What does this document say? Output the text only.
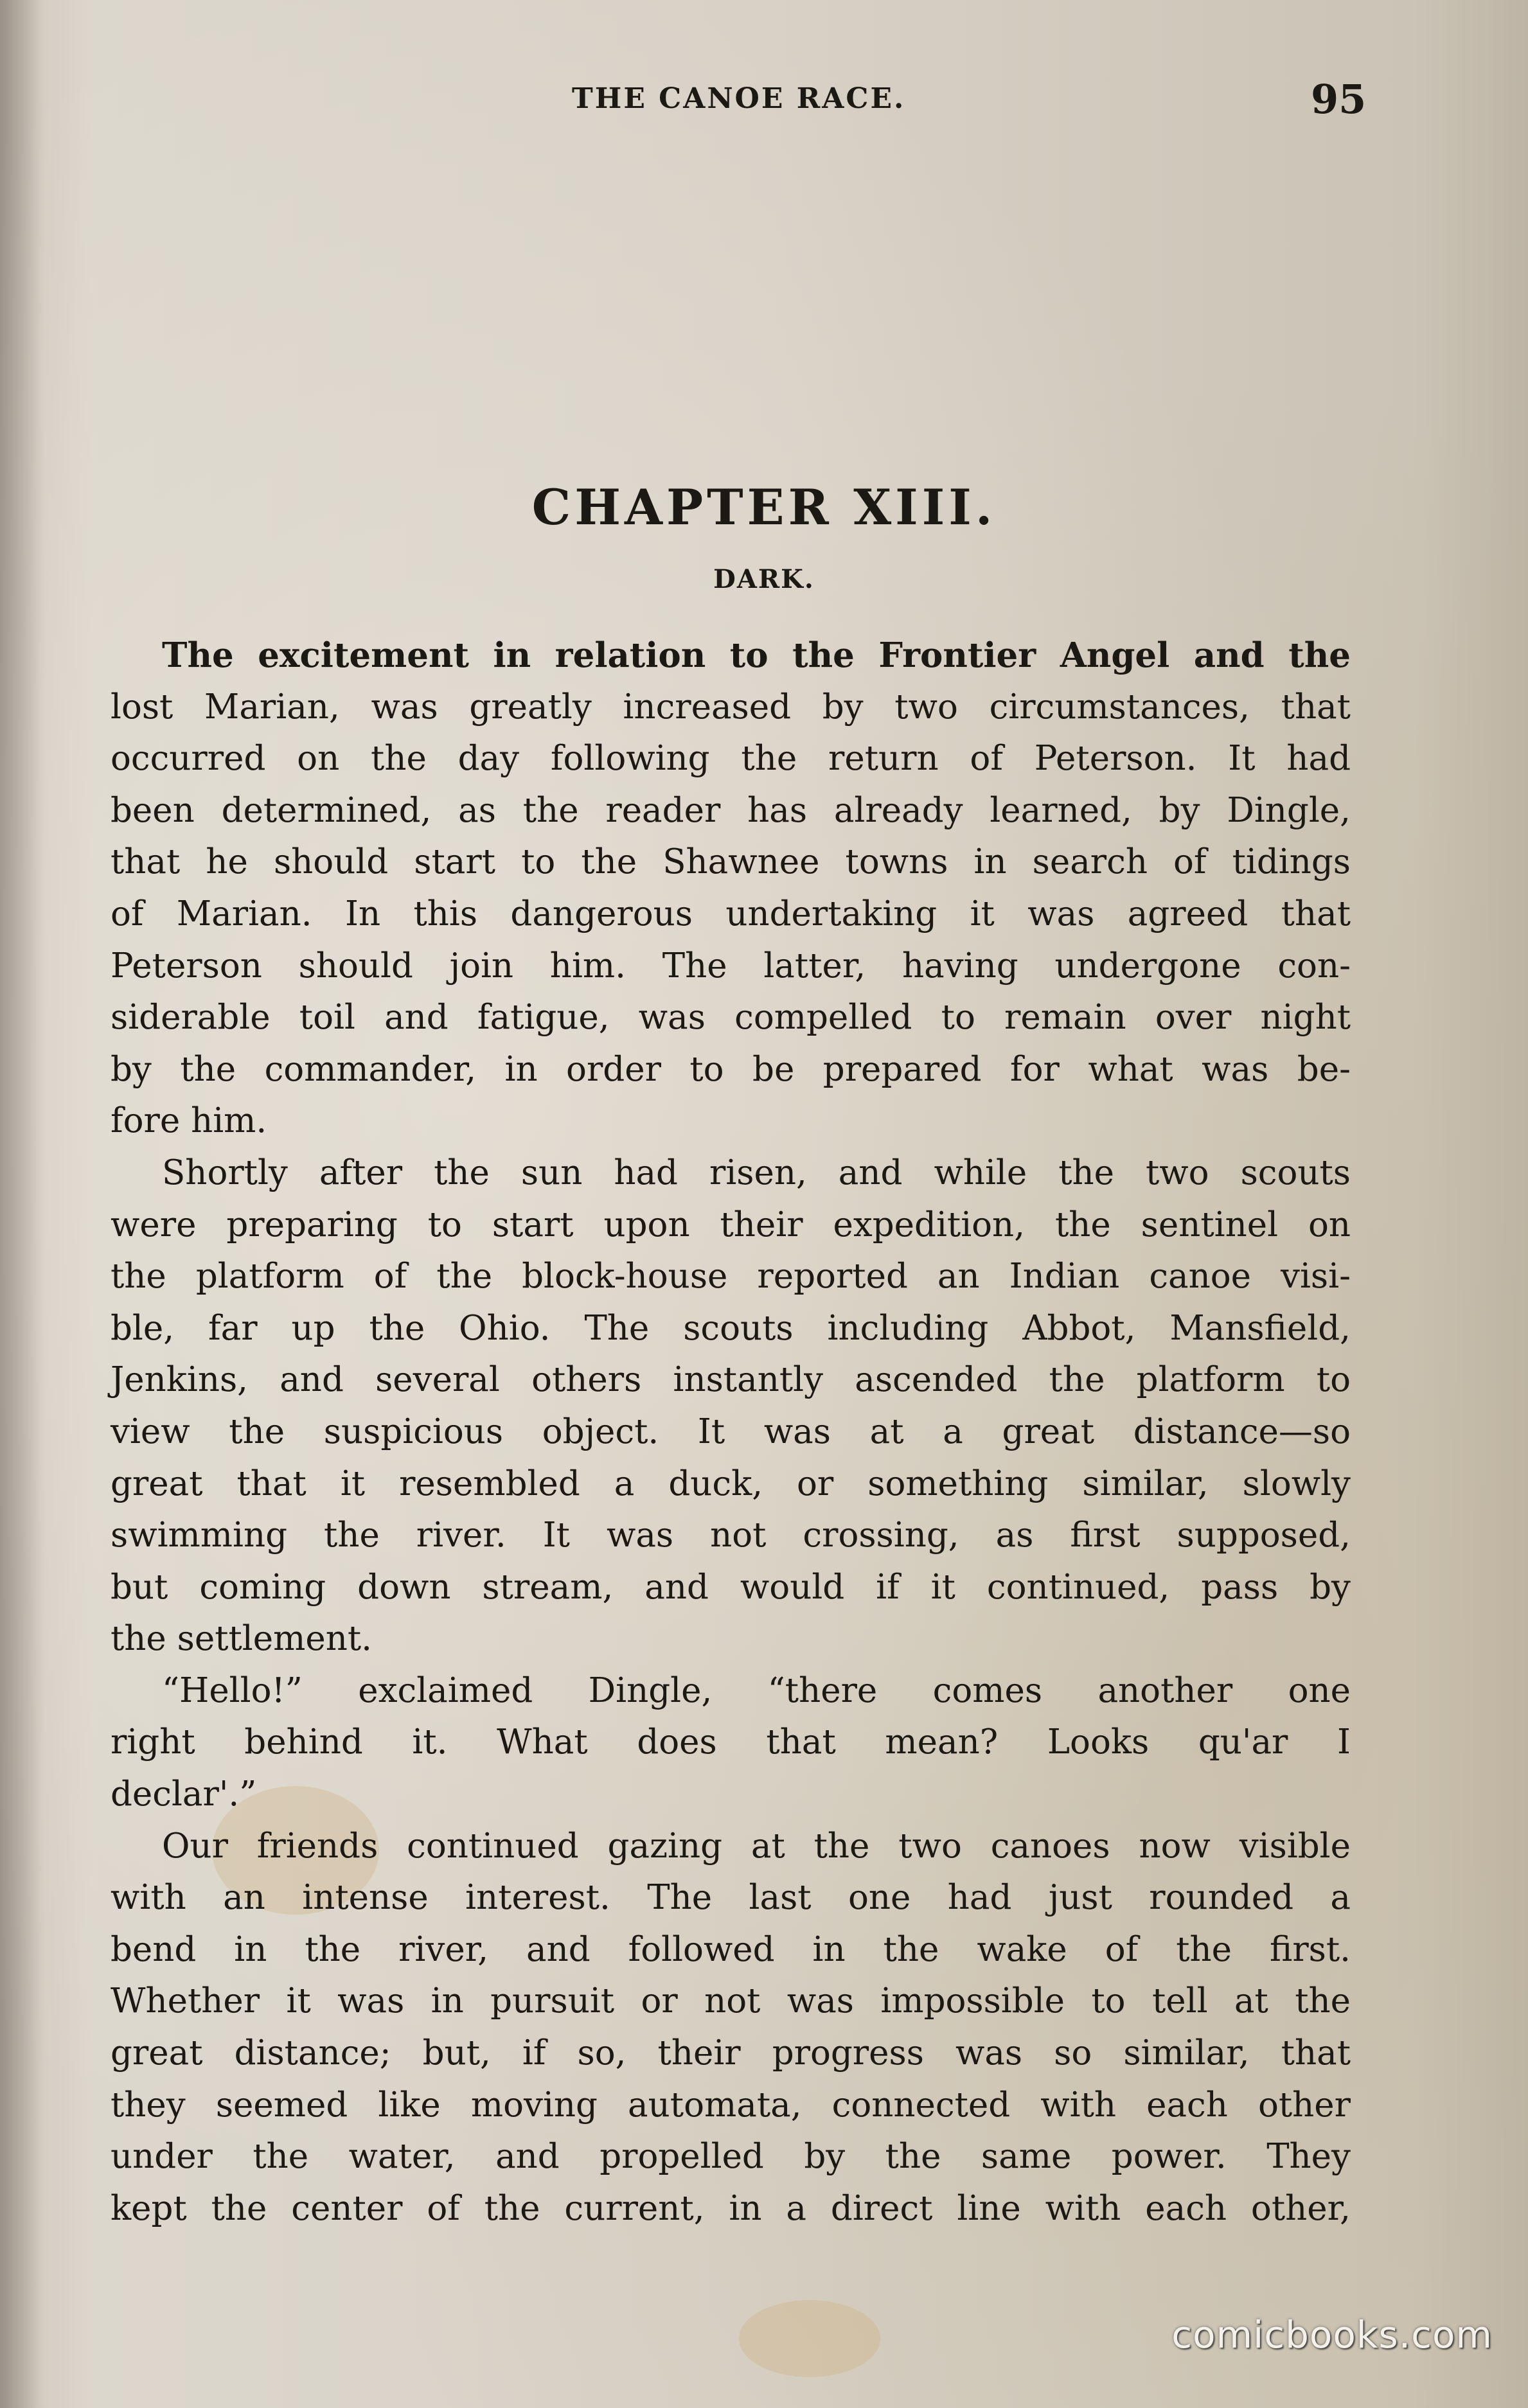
THE CANOE RACE.	95
CHAPTER XIII.
DARK.
The excitement in relation to the Frontier Angel and the
lost Marian, was greatly increased by two circumstances, that
occurred on the day following the return of Peterson. It had
been determined, as the reader has already learned, by Dingle,
that he should start to the Shawnee towns in search of tidings
of Marian. In this dangerous undertaking it was agreed that
Peterson should join him. The latter, having undergone con-
siderable toil and fatigue, was compelled to remain over night
by the commander, in order to be prepared for what was be-
fore him.
Shortly after the sun had risen, and while the two scouts
were preparing to start upon their expedition, the sentinel on
the platform of the block-house reported an Indian canoe visi-
ble, far up the Ohio. The scouts including Abbot, Mansfield,
Jenkins, and several others instantly ascended the platform to
view the suspicious object. It was at a great distance—so
great that it resembled a duck, or something similar, slowly
swimming the river. It was not crossing, as first supposed,
but coming down stream, and would if it continued, pass by
the settlement.
“Hello!” exclaimed Dingle, “there comes another one
right behind it. What does that mean? Looks qu'ar I
declar'.”
Our friends continued gazing at the two canoes now visible
with an intense interest. The last one had just rounded a
bend in the river, and followed in the wake of the first.
Whether it was in pursuit or not was impossible to tell at the
great distance; but, if so, their progress was so similar, that
they seemed like moving automata, connected with each other
under the water, and propelled by the same power. They
kept the center of the current, in a direct line with each other,
comicbooks.com
